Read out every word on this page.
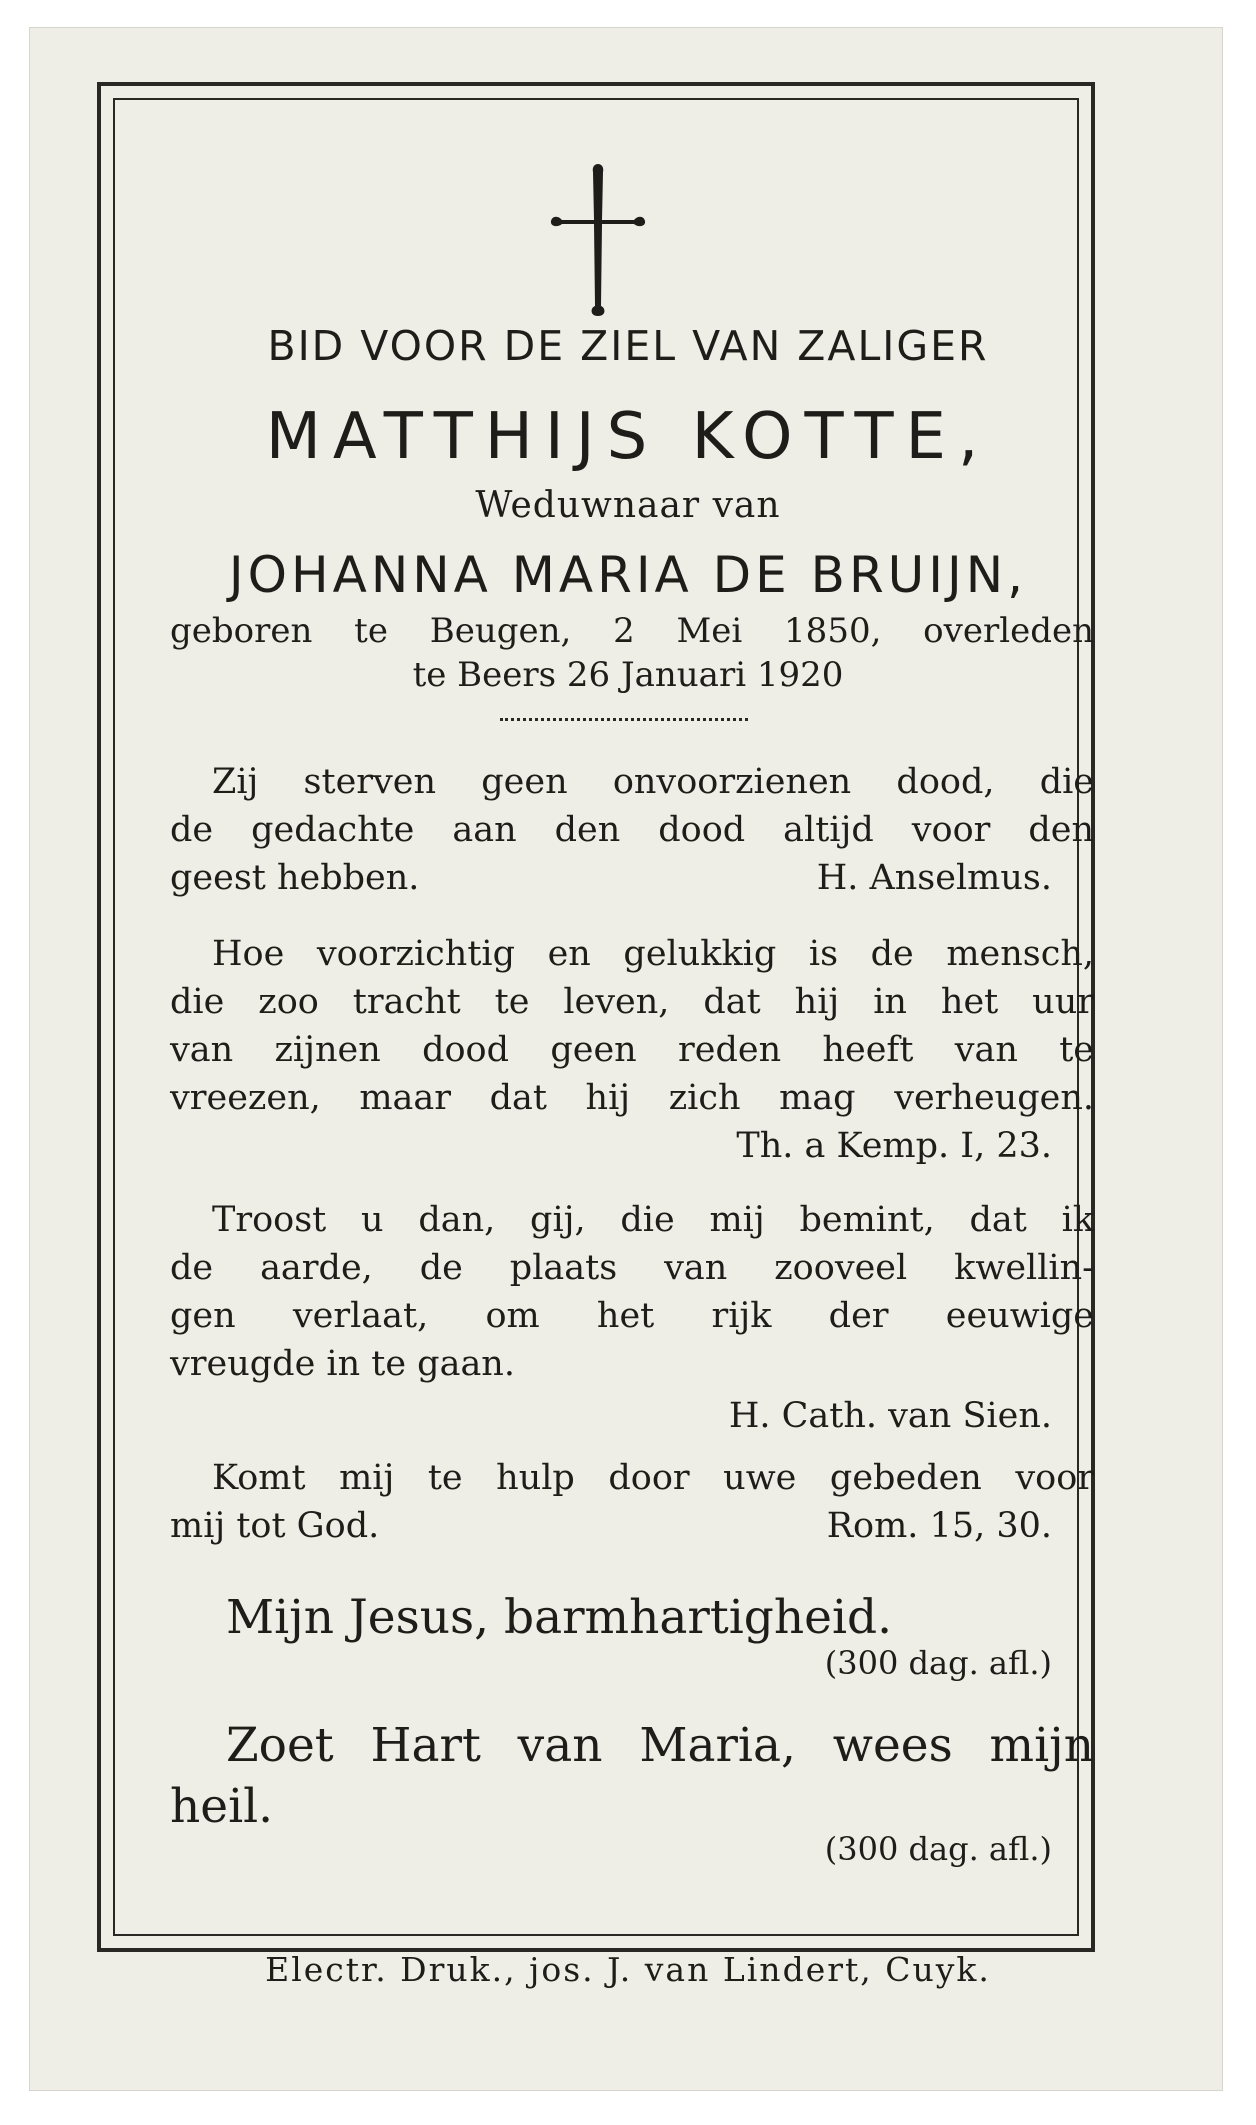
BID VOOR DE ZIEL VAN ZALIGER
MATTHIJS KOTTE,
Weduwnaar van
JOHANNA MARIA DE BRUIJN,
geboren te Beugen, 2 Mei 1850, overleden
te Beers 26 Januari 1920
Zij sterven geen onvoorzienen dood, die
de gedachte aan den dood altijd voor den
geest hebben.	H. Anselmus.
Hoe voorzichtig en gelukkig is de mensch,
die zoo tracht te leven, dat hij in het uur
van zijnen dood geen reden heeft van te
vreezen, maar dat hij zich mag verheugen.
Th. a Kemp. I, 23.
Troost u dan, gij, die mij bemint, dat ik
de aarde, de plaats van zooveel kwellin-
gen verlaat, om het rijk der eeuwige
vreugde in te gaan.
H. Cath. van Sien.
Komt mij te hulp door uwe gebeden voor
mij tot God.	Rom. 15, 30.
Mijn Jesus, barmhartigheid.
(300 dag. afl.)
Zoet Hart van Maria, wees mijn
heil.
(300 dag. afl.)
Electr. Druk., jos. J. van Lindert, Cuyk.
